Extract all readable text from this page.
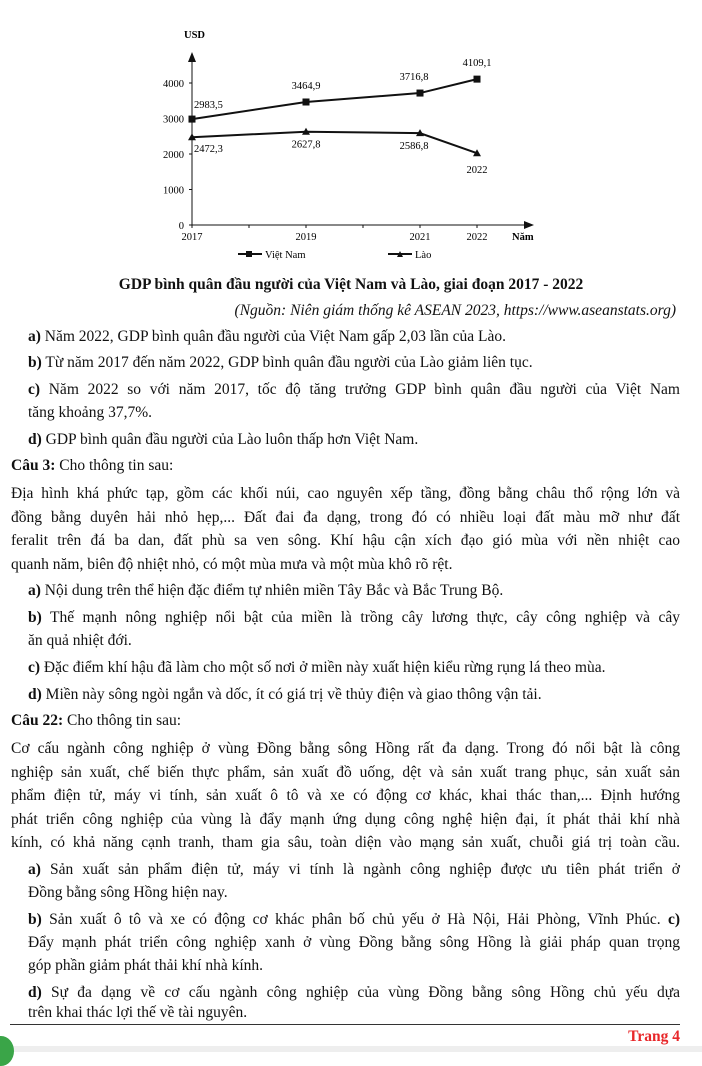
USD
Năm
0
1000
2000
3000
4000
2017	2019	2021	2022
2983,5
3464,9
3716,8
4109,1
2472,3	2627,8	2586,8
2022
Việt Nam	Lào
GDP bình quân đầu người của Việt Nam và Lào, giai đoạn 2017 - 2022
(Nguồn: Niên giám thống kê ASEAN 2023, https://www.aseanstats.org)
a) Năm 2022, GDP bình quân đầu người của Việt Nam gấp 2,03 lần của Lào.
b) Từ năm 2017 đến năm 2022, GDP bình quân đầu người của Lào giảm liên tục.
c) Năm 2022 so với năm 2017, tốc độ tăng trưởng GDP bình quân đầu người của Việt Nam
tăng khoảng 37,7%.
d) GDP bình quân đầu người của Lào luôn thấp hơn Việt Nam.
Câu 3: Cho thông tin sau:
Địa hình khá phức tạp, gồm các khối núi, cao nguyên xếp tầng, đồng bằng châu thổ rộng lớn và
đồng bằng duyên hải nhỏ hẹp,... Đất đai đa dạng, trong đó có nhiều loại đất màu mỡ như đất
feralit trên đá ba dan, đất phù sa ven sông. Khí hậu cận xích đạo gió mùa với nền nhiệt cao
quanh năm, biên độ nhiệt nhỏ, có một mùa mưa và một mùa khô rõ rệt.
a) Nội dung trên thể hiện đặc điểm tự nhiên miền Tây Bắc và Bắc Trung Bộ.
b) Thế mạnh nông nghiệp nổi bật của miền là trồng cây lương thực, cây công nghiệp và cây
ăn quả nhiệt đới.
c) Đặc điểm khí hậu đã làm cho một số nơi ở miền này xuất hiện kiểu rừng rụng lá theo mùa.
d) Miền này sông ngòi ngắn và dốc, ít có giá trị về thủy điện và giao thông vận tải.
Câu 22: Cho thông tin sau:
Cơ cấu ngành công nghiệp ở vùng Đồng bằng sông Hồng rất đa dạng. Trong đó nổi bật là công
nghiệp sản xuất, chế biến thực phẩm, sản xuất đồ uống, dệt và sản xuất trang phục, sản xuất sản
phẩm điện tử, máy vi tính, sản xuất ô tô và xe có động cơ khác, khai thác than,... Định hướng
phát triển công nghiệp của vùng là đẩy mạnh ứng dụng công nghệ hiện đại, ít phát thải khí nhà
kính, có khả năng cạnh tranh, tham gia sâu, toàn diện vào mạng sản xuất, chuỗi giá trị toàn cầu.
a) Sản xuất sản phẩm điện tử, máy vi tính là ngành công nghiệp được ưu tiên phát triển ở
Đồng bằng sông Hồng hiện nay.
b) Sản xuất ô tô và xe có động cơ khác phân bố chủ yếu ở Hà Nội, Hải Phòng, Vĩnh Phúc. c)
Đẩy mạnh phát triển công nghiệp xanh ở vùng Đồng bằng sông Hồng là giải pháp quan trọng
góp phần giảm phát thải khí nhà kính.
d) Sự đa dạng về cơ cấu ngành công nghiệp của vùng Đồng bằng sông Hồng chủ yếu dựa
trên khai thác lợi thế về tài nguyên.
Trang 4
